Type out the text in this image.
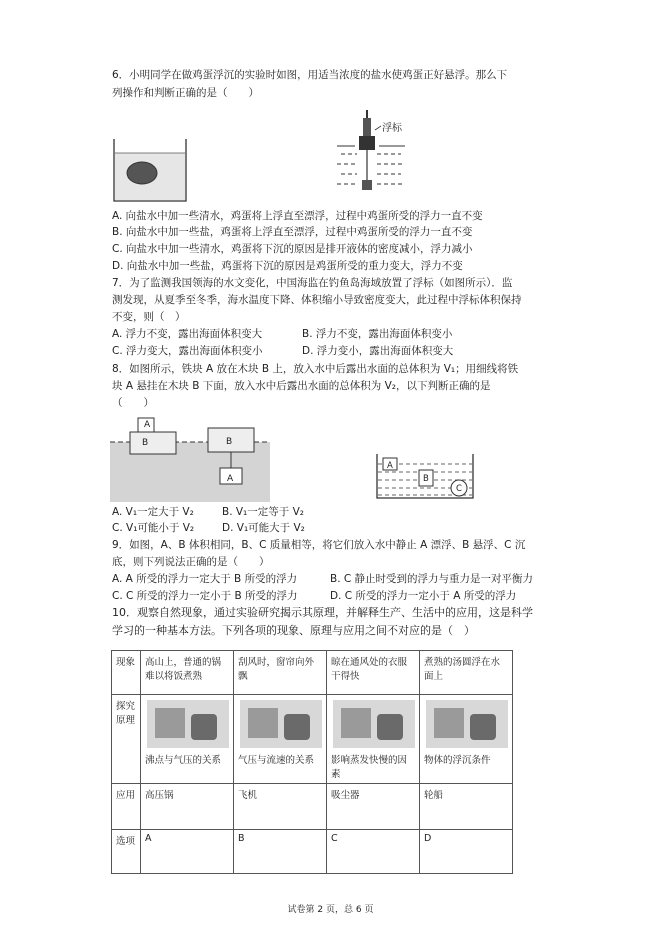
6．小明同学在做鸡蛋浮沉的实验时如图，用适当浓度的盐水使鸡蛋正好悬浮。那么下
列操作和判断正确的是（　　）
浮标
A. 向盐水中加一些清水，鸡蛋将上浮直至漂浮，过程中鸡蛋所受的浮力一直不变
B. 向盐水中加一些盐，鸡蛋将上浮直至漂浮，过程中鸡蛋所受的浮力一直不变
C. 向盐水中加一些清水，鸡蛋将下沉的原因是排开液体的密度减小，浮力减小
D. 向盐水中加一些盐，鸡蛋将下沉的原因是鸡蛋所受的重力变大，浮力不变
7．为了监测我国领海的水文变化，中国海监在钓鱼岛海域放置了浮标（如图所示）．监
测发现，从夏季至冬季，海水温度下降、体积缩小导致密度变大，此过程中浮标体积保持
不变，则（　）
A. 浮力不变，露出海面体积变大	B. 浮力不变，露出海面体积变小
C. 浮力变大，露出海面体积变小	D. 浮力变小，露出海面体积变大
8．如图所示，铁块 A 放在木块 B 上，放入水中后露出水面的总体积为 V₁；用细线将铁
块 A 悬挂在木块 B 下面，放入水中后露出水面的总体积为 V₂，以下判断正确的是
（　　）
A
B	B
A
A
B
C
A. V₁一定大于 V₂	B. V₁一定等于 V₂
C. V₁可能小于 V₂	D. V₁可能大于 V₂
9．如图，A、B 体积相同，B、C 质量相等，将它们放入水中静止 A 漂浮、B 悬浮、C 沉
底，则下列说法正确的是（　　）
A. A 所受的浮力一定大于 B 所受的浮力	B. C 静止时受到的浮力与重力是一对平衡力
C. C 所受的浮力一定小于 B 所受的浮力	D. C 所受的浮力一定小于 A 所受的浮力
10．观察自然现象，通过实验研究揭示其原理，并解释生产、生活中的应用，这是科学
学习的一种基本方法。下列各项的现象、原理与应用之间不对应的是（　）
现象	高山上，普通的锅难以将饭煮熟	刮风时，窗帘向外飘	晾在通风处的衣服干得快	煮熟的汤圆浮在水面上
探究原理	沸点与气压的关系	气压与流速的关系	影响蒸发快慢的因素	物体的浮沉条件
应用	高压锅	飞机	吸尘器	轮船
选项	A	B	C	D
试卷第 2 页，总 6 页
